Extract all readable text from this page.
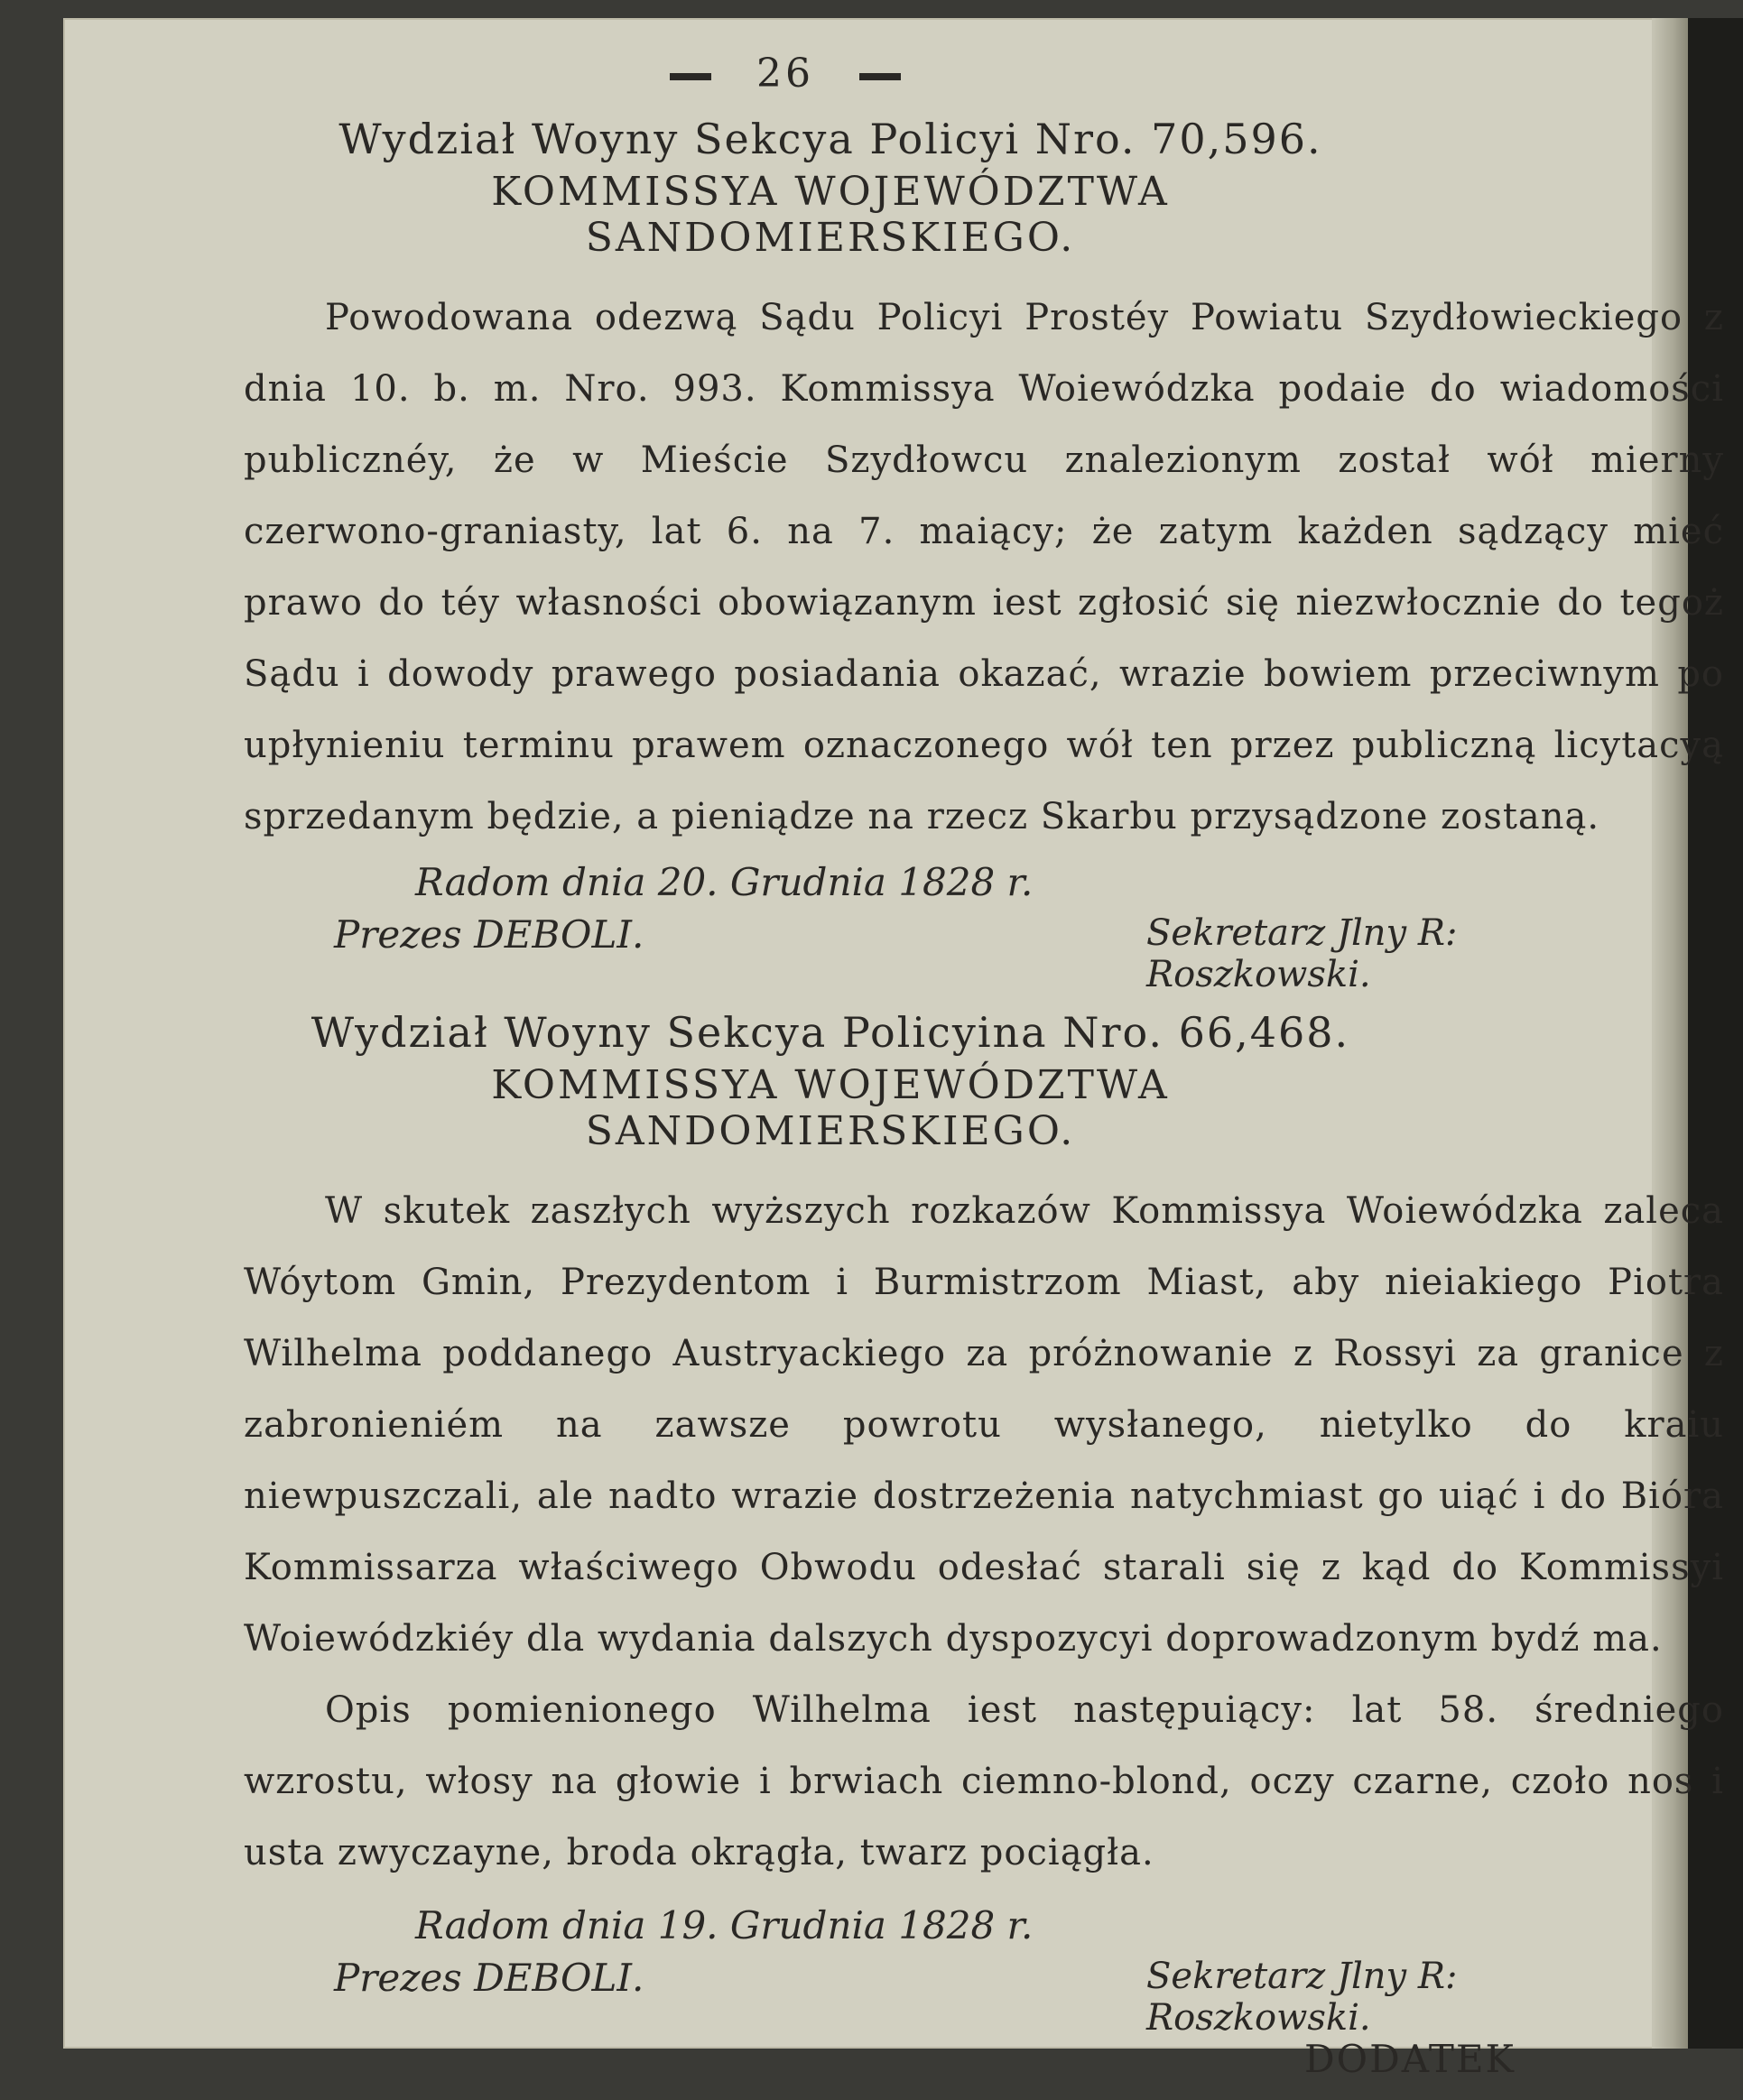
26
Wydział Woyny Sekcya Policyi Nro. 70,596.
KOMMISSYA WOJEWÓDZTWA SANDOMIERSKIEGO.

Powodowana odezwą Sądu Policyi Prostéy Powiatu Szydłowieckiego z dnia 10. b. m. Nro. 993. Kommissya Woiewódzka podaie do wiadomości publicznéy, że w Mieście Szydłowcu znalezionym został wół mierny czerwono-graniasty, lat 6. na 7. maiący; że zatym każden sądzący mieć prawo do téy własności obowiązanym iest zgłosić się niezwłocznie do tegoż Sądu i dowody prawego posiadania okazać, wrazie bowiem przeciwnym po upłynieniu terminu prawem oznaczonego wół ten przez publiczną licytacyą sprzedanym będzie, a pieniądze na rzecz Skarbu przysądzone zostaną.

Radom dnia 20. Grudnia 1828 r.
Prezes DEBOLI.	Sekretarz Jlny R: Roszkowski.
Wydział Woyny Sekcya Policyina Nro. 66,468.
KOMMISSYA WOJEWÓDZTWA SANDOMIERSKIEGO.

W skutek zaszłych wyższych rozkazów Kommissya Woiewódzka zaleca Wóytom Gmin, Prezydentom i Burmistrzom Miast, aby nieiakiego Piotra Wilhelma poddanego Austryackiego za próżnowanie z Rossyi za granice z zabronieniém na zawsze powrotu wysłanego, nietylko do kraiu niewpuszczali, ale nadto wrazie dostrzeżenia natychmiast go uiąć i do Bióra Kommissarza właściwego Obwodu odesłać starali się z kąd do Kommissyi Woiewódzkiéy dla wydania dalszych dyspozycyi doprowadzonym bydź ma.

Opis pomienionego Wilhelma iest następuiący: lat 58. średniego wzrostu, włosy na głowie i brwiach ciemno-blond, oczy czarne, czoło nos i usta zwyczayne, broda okrągła, twarz pociągła.

Radom dnia 19. Grudnia 1828 r.
Prezes DEBOLI.	Sekretarz Jlny R: Roszkowski.
DODATEK
